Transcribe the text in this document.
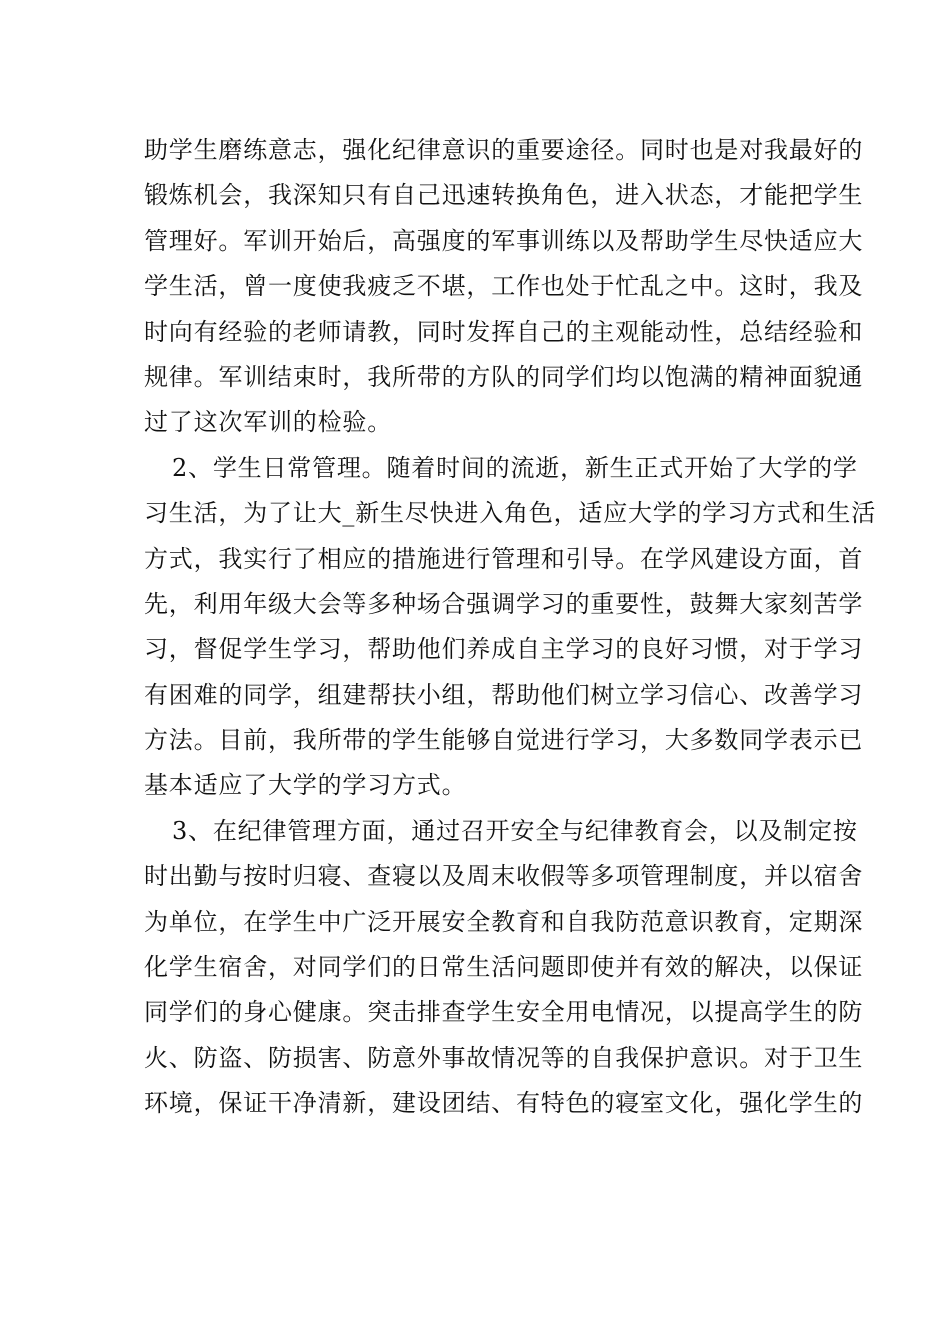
助学生磨练意志，强化纪律意识的重要途径。同时也是对我最好的
锻炼机会，我深知只有自己迅速转换角色，进入状态，才能把学生
管理好。军训开始后，高强度的军事训练以及帮助学生尽快适应大
学生活，曾一度使我疲乏不堪，工作也处于忙乱之中。这时，我及
时向有经验的老师请教，同时发挥自己的主观能动性，总结经验和
规律。军训结束时，我所带的方队的同学们均以饱满的精神面貌通
过了这次军训的检验。
2、学生日常管理。随着时间的流逝，新生正式开始了大学的学
习生活，为了让大_新生尽快进入角色，适应大学的学习方式和生活
方式，我实行了相应的措施进行管理和引导。在学风建设方面，首
先，利用年级大会等多种场合强调学习的重要性，鼓舞大家刻苦学
习，督促学生学习，帮助他们养成自主学习的良好习惯，对于学习
有困难的同学，组建帮扶小组，帮助他们树立学习信心、改善学习
方法。目前，我所带的学生能够自觉进行学习，大多数同学表示已
基本适应了大学的学习方式。
3、在纪律管理方面，通过召开安全与纪律教育会，以及制定按
时出勤与按时归寝、查寝以及周末收假等多项管理制度，并以宿舍
为单位，在学生中广泛开展安全教育和自我防范意识教育，定期深
化学生宿舍，对同学们的日常生活问题即使并有效的解决，以保证
同学们的身心健康。突击排查学生安全用电情况，以提高学生的防
火、防盗、防损害、防意外事故情况等的自我保护意识。对于卫生
环境，保证干净清新，建设团结、有特色的寝室文化，强化学生的
